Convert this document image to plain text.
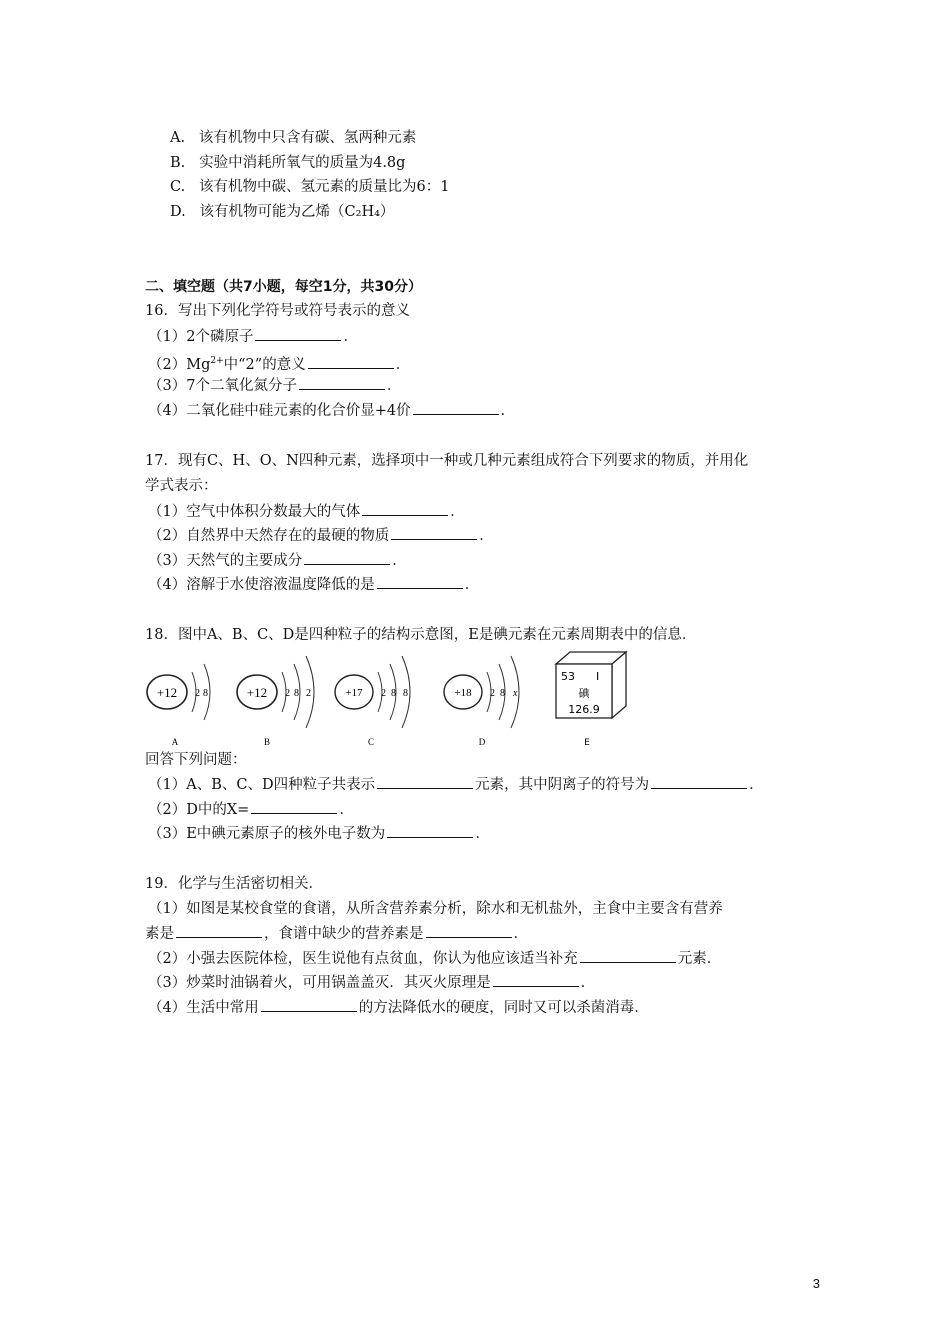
A. 该有机物中只含有碳、氢两种元素
B. 实验中消耗所氧气的质量为4.8g
C. 该有机物中碳、氢元素的质量比为6：1
D. 该有机物可能为乙烯（C₂H₄）
二、填空题（共7小题，每空1分，共30分）
16．写出下列化学符号或符号表示的意义
（1）2个磷原子	．
$(2)Mg^{2+}$中“2”的意义	．
（3）7个二氧化氮分子	．
（4）二氧化硅中硅元素的化合价显+4价	．
17．现有C、H、O、N四种元素，选择项中一种或几种元素组成符合下列要求的物质，并用化
学式表示：
（1）空气中体积分数最大的气体	．
（2）自然界中天然存在的最硬的物质	．
（3）天然气的主要成分	．
（4）溶解于水使溶液温度降低的是	．
18．图中A、B、C、D是四种粒子的结构示意图，E是碘元素在元素周期表中的信息．
+12 2 8
A
+12 2 8 2
B
+17 2 8 8
C
+18 2 8 x
D
53 I
碘
126.9
E
回答下列问题：
（1）A、B、C、D四种粒子共表示	元素，其中阴离子的符号为	．
（2）D中的X=	．
（3）E中碘元素原子的核外电子数为	．
19．化学与生活密切相关．
（1）如图是某校食堂的食谱，从所含营养素分析，除水和无机盐外，主食中主要含有营养
素是	，食谱中缺少的营养素是	．
（2）小强去医院体检，医生说他有点贫血，你认为他应该适当补充	元素．
（3）炒菜时油锅着火，可用锅盖盖灭．其灭火原理是	．
（4）生活中常用	的方法降低水的硬度，同时又可以杀菌消毒．
3
